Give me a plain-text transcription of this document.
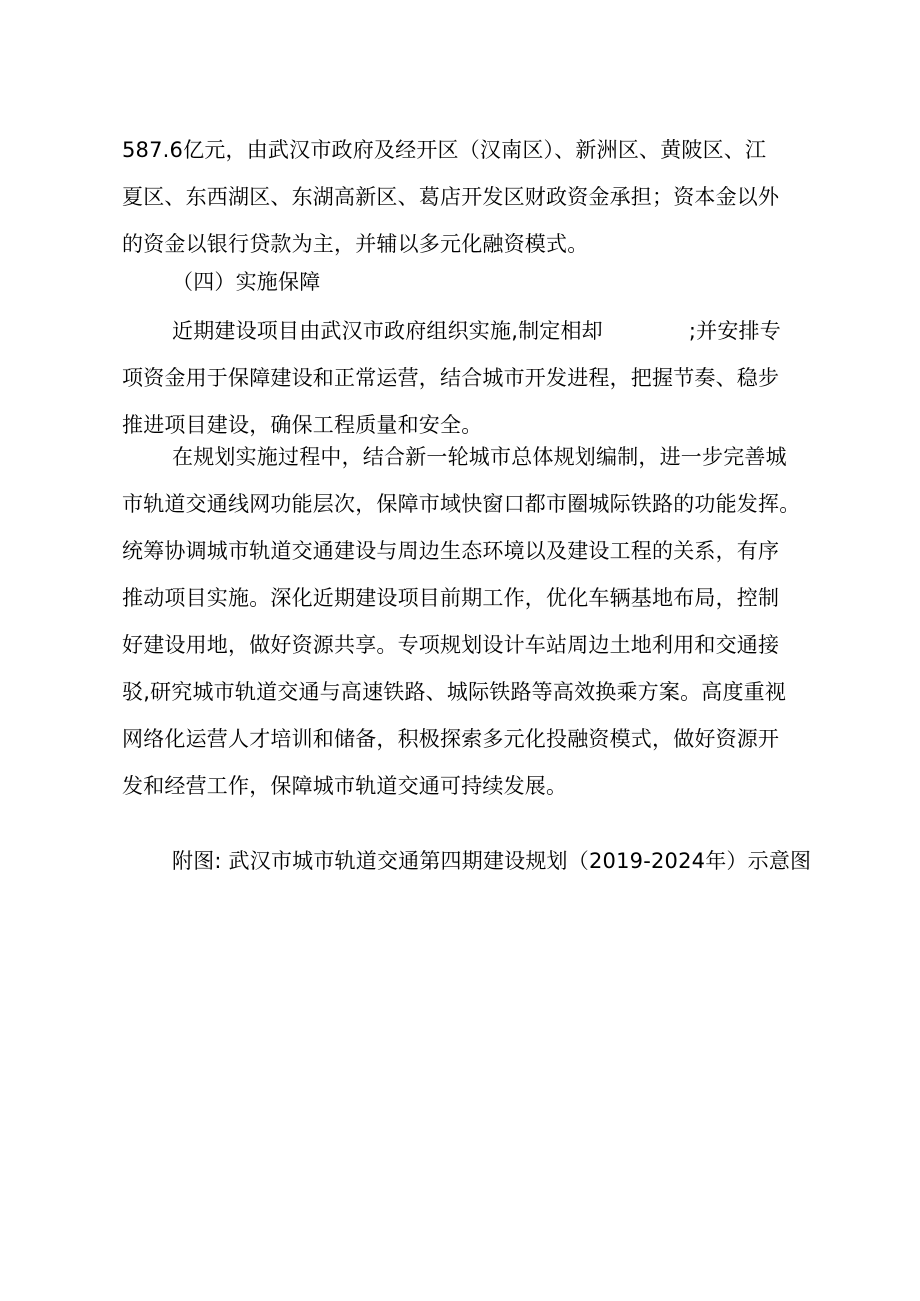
587.6亿元，由武汉市政府及经开区（汉南区）、新洲区、黄陂区、江
夏区、东西湖区、东湖高新区、葛店开发区财政资金承担；资本金以外
的资金以银行贷款为主，并辅以多元化融资模式。
（四）实施保障
近期建设项目由武汉市政府组织实施,制定相却	;并安排专
项资金用于保障建设和正常运营，结合城市开发进程，把握节奏、稳步
推进项目建设，确保工程质量和安全。
在规划实施过程中，结合新一轮城市总体规划编制，进一步完善城
市轨道交通线网功能层次，保障市域快窗口都市圈城际铁路的功能发挥。
统筹协调城市轨道交通建设与周边生态环境以及建设工程的关系，有序
推动项目实施。深化近期建设项目前期工作，优化车辆基地布局，控制
好建设用地，做好资源共享。专项规划设计车站周边土地利用和交通接
驳,研究城市轨道交通与高速铁路、城际铁路等高效换乘方案。高度重视
网络化运营人才培训和储备，积极探索多元化投融资模式，做好资源开
发和经营工作，保障城市轨道交通可持续发展。
附图: 武汉市城市轨道交通第四期建设规划（2019-2024年）示意图
